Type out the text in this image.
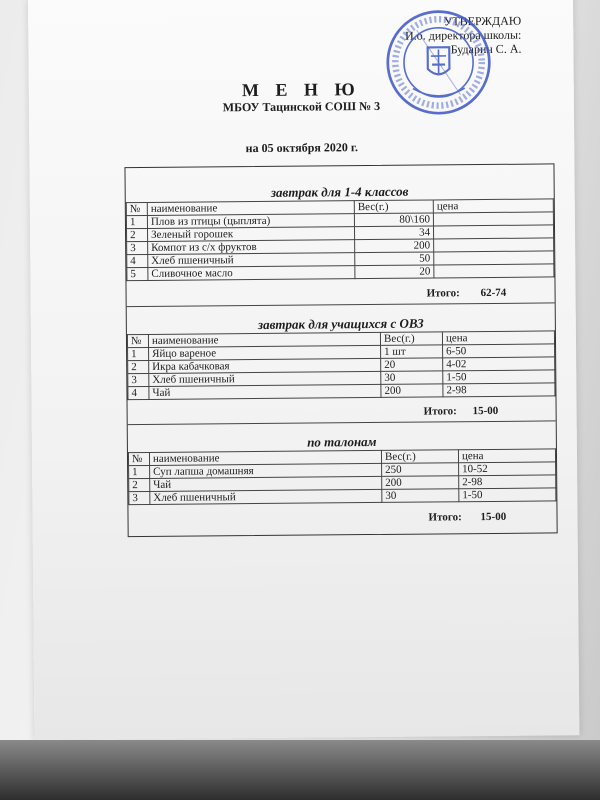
УТВЕРЖДАЮ
И.о. директора школы:
Бударин С. А.
М Е Н Ю
МБОУ Тацинской СОШ № 3
на 05 октября 2020 г.
завтрак для 1-4 классов
№	наименование	Вес(г.)	цена
1	Плов из птицы (цыплята)	80\160	
2	Зеленый горошек	34	
3	Компот из с/х фруктов	200	
4	Хлеб пшеничный	50	
5	Сливочное масло	20	
Итого: 62-74
завтрак для учащихся с ОВЗ
№	наименование	Вес(г.)	цена
1	Яйцо вареное	1 шт	6-50
2	Икра кабачковая	20	4-02
3	Хлеб пшеничный	30	1-50
4	Чай	200	2-98
Итого: 15-00
по талонам
№	наименование	Вес(г.)	цена
1	Суп лапша домашняя	250	10-52
2	Чай	200	2-98
3	Хлеб пшеничный	30	1-50
Итого: 15-00
